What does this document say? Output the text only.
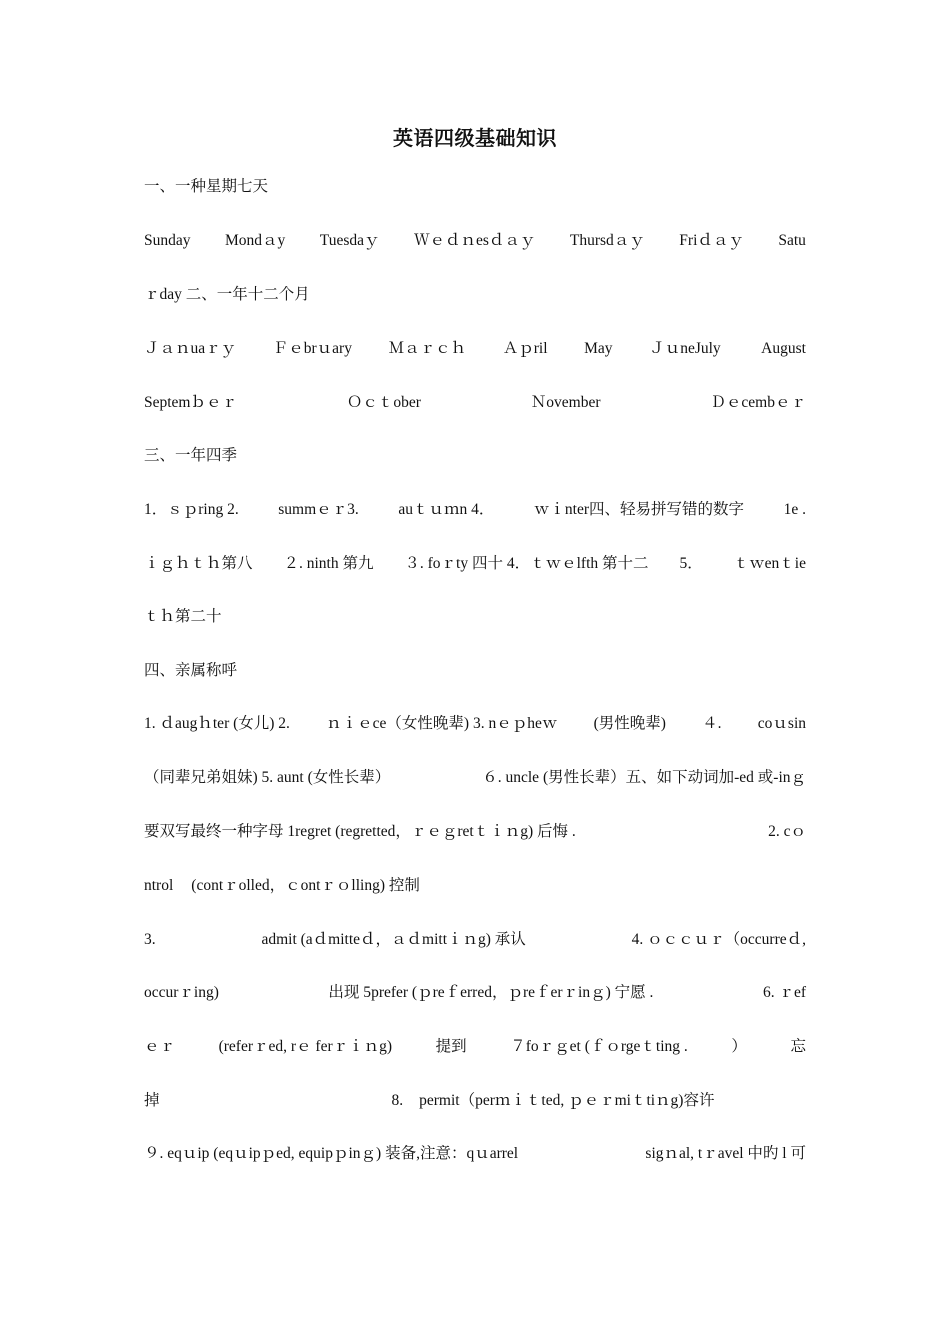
英语四级基础知识
一、一种星期七天
Sunday Mondａy Tuesdaｙ Ｗｅｄｎesｄａｙ Thursdａｙ Friｄａｙ Satu
ｒday ‫二、一年十二个月
Ｊａｎuaｒｙ Ｆｅbrｕary Ｍａｒｃｈ Ａｐril May Ｊｕne‫ July August
Septemｂｅｒ	Ｏｃｔober	Ｎovember	Ｄｅcembｅｒ
三、一年四季
1．ｓｐring 2.	summｅｒ3.	auｔｕｍn 4．	ｗｉnter‫四、轻易拼写错的数字	1‫. e
ｉｇｈｔｈ第八 ２. ninth 第九 ３. foｒty 四十 4．ｔｗｅlfth 第十二 5． ｔｗenｔie
ｔｈ第二十
四、亲属称呼
1. ｄaugｈter (女儿) 2. ｎｉｅce（女性晚辈) 3. nｅｐheｗ (男性晚辈) ４. coｕsin
（同辈兄弟姐妹) 5. aunt (女性长辈）	６. uncle (男性长辈）‫五、如下动词加-ed 或-inｇ
要双写最终一种字母 1‫. regret (regretted，ｒｅｇretｔｉｎg) 后悔	2. cｏ
ntrol (contｒolled，ｃontｒｏlling) 控制
3.	admit (aｄmitteｄ，ａｄmittｉｎg) 承认	4. ｏｃｃｕｒ（occurreｄ,
occurｒing)	出现 5‫. prefer (ｐreｆerred，ｐreｆerｒinｇ) 宁愿	6. ｒef
ｅｒ	(referｒed, rｅ ferｒｉｎg)	提到	７‫. foｒｇet (ｆｏrgeｔting	）	忘
掉	8. permit（perｍｉｔted, ｐｅｒmiｔtiｎg)容许
９. eqｕip (eqｕipｐed, equipｐinｇ) 装备‫注意：qｕarrel,	sigｎal, tｒavel 中旳 l 可
